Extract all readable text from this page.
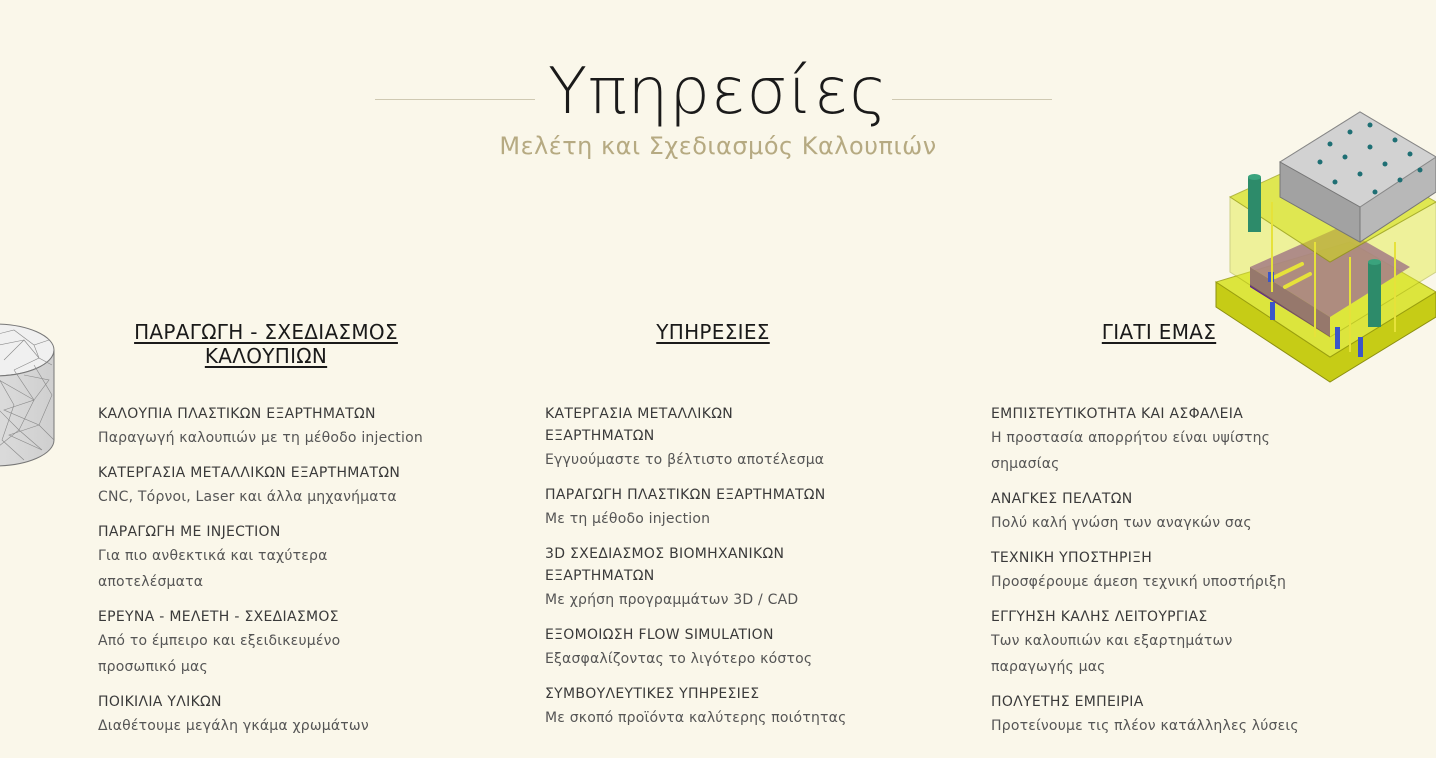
Υπηρεσίες
Μελέτη και Σχεδιασμός Καλουπιών
ΠΑΡΑΓΩΓΗ - ΣΧΕΔΙΑΣΜΟΣ ΚΑΛΟΥΠΙΩΝ
ΚΑΛΟΥΠΙΑ ΠΛΑΣΤΙΚΩΝ ΕΞΑΡΤΗΜΑΤΩΝ
Παραγωγή καλουπιών με τη μέθοδο injection
ΚΑΤΕΡΓΑΣΙΑ ΜΕΤΑΛΛΙΚΩΝ ΕΞΑΡΤΗΜΑΤΩΝ
CNC, Τόρνοι, Laser και άλλα μηχανήματα
ΠΑΡΑΓΩΓΗ ΜΕ INJECTION
Για πιο ανθεκτικά και ταχύτερα αποτελέσματα
ΕΡΕΥΝΑ - ΜΕΛΕΤΗ - ΣΧΕΔΙΑΣΜΟΣ
Από το έμπειρο και εξειδικευμένο προσωπικό μας
ΠΟΙΚΙΛΙΑ ΥΛΙΚΩΝ
Διαθέτουμε μεγάλη γκάμα χρωμάτων
ΥΠΗΡΕΣΙΕΣ
ΚΑΤΕΡΓΑΣΙΑ ΜΕΤΑΛΛΙΚΩΝ ΕΞΑΡΤΗΜΑΤΩΝ
Εγγυούμαστε το βέλτιστο αποτέλεσμα
ΠΑΡΑΓΩΓΗ ΠΛΑΣΤΙΚΩΝ ΕΞΑΡΤΗΜΑΤΩΝ
Με τη μέθοδο injection
3D ΣΧΕΔΙΑΣΜΟΣ ΒΙΟΜΗΧΑΝΙΚΩΝ ΕΞΑΡΤΗΜΑΤΩΝ
Με χρήση προγραμμάτων 3D / CAD
ΕΞΟΜΟΙΩΣΗ FLOW SIMULATION
Εξασφαλίζοντας το λιγότερο κόστος
ΣΥΜΒΟΥΛΕΥΤΙΚΕΣ ΥΠΗΡΕΣΙΕΣ
Με σκοπό προϊόντα καλύτερης ποιότητας
ΓΙΑΤΙ ΕΜΑΣ
ΕΜΠΙΣΤΕΥΤΙΚΟΤΗΤΑ ΚΑΙ ΑΣΦΑΛΕΙΑ
Η προστασία απορρήτου είναι υψίστης σημασίας
ΑΝΑΓΚΕΣ ΠΕΛΑΤΩΝ
Πολύ καλή γνώση των αναγκών σας
ΤΕΧΝΙΚΗ ΥΠΟΣΤΗΡΙΞΗ
Προσφέρουμε άμεση τεχνική υποστήριξη
ΕΓΓΥΗΣΗ ΚΑΛΗΣ ΛΕΙΤΟΥΡΓΙΑΣ
Των καλουπιών και εξαρτημάτων παραγωγής μας
ΠΟΛΥΕΤΗΣ ΕΜΠΕΙΡΙΑ
Προτείνουμε τις πλέον κατάλληλες λύσεις
